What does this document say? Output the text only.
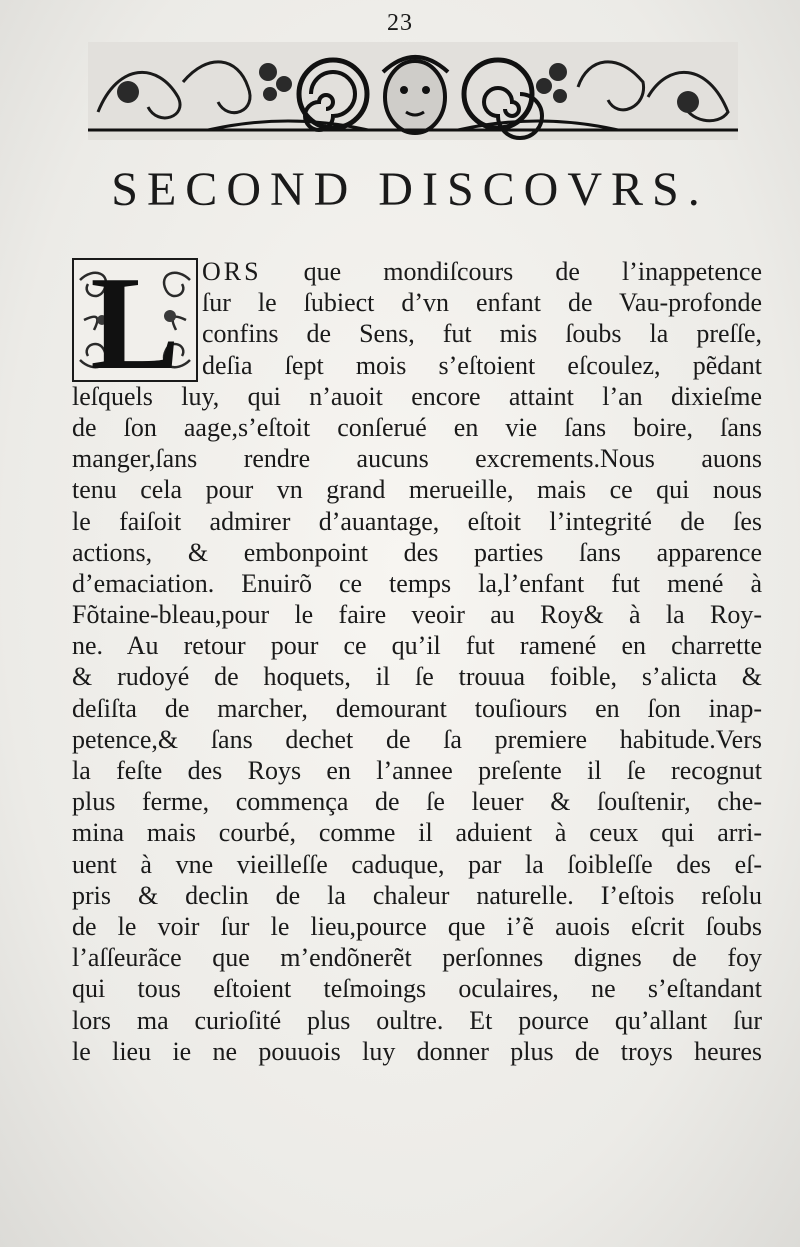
23
SECOND DISCOVRS.
L ORS que mondiſcours de l’inappetence
ſur le ſubiect d’vn enfant de Vau-profonde
confins de Sens, fut mis ſoubs la preſſe,
deſia ſept mois s’eſtoient eſcoulez, pẽdant
leſquels luy, qui n’auoit encore attaint l’an dixieſme
de ſon aage,s’eſtoit conſerué en vie ſans boire, ſans
manger,ſans rendre aucuns excrements.Nous auons
tenu cela pour vn grand merueille, mais ce qui nous
le faiſoit admirer d’auantage, eſtoit l’integrité de ſes
actions, & embonpoint des parties ſans apparence
d’emaciation. Enuirõ ce temps la,l’enfant fut mené à
Fõtaine-bleau,pour le faire veoir au Roy& à la Roy-
ne. Au retour pour ce qu’il fut ramené en charrette
& rudoyé de hoquets, il ſe trouua foible, s’alicta &
deſiſta de marcher, demourant touſiours en ſon inap-
petence,& ſans dechet de ſa premiere habitude.Vers
la feſte des Roys en l’annee preſente il ſe recognut
plus ferme, commença de ſe leuer & ſouſtenir, che-
mina mais courbé, comme il aduient à ceux qui arri-
uent à vne vieilleſſe caduque, par la ſoibleſſe des eſ-
pris & declin de la chaleur naturelle. I’eſtois reſolu
de le voir ſur le lieu,pource que i’ẽ auois eſcrit ſoubs
l’aſſeurãce que m’endõnerẽt perſonnes dignes de foy
qui tous eſtoient teſmoings oculaires, ne s’eſtandant
lors ma curioſité plus oultre. Et pource qu’allant ſur
le lieu ie ne pouuois luy donner plus de troys heures
